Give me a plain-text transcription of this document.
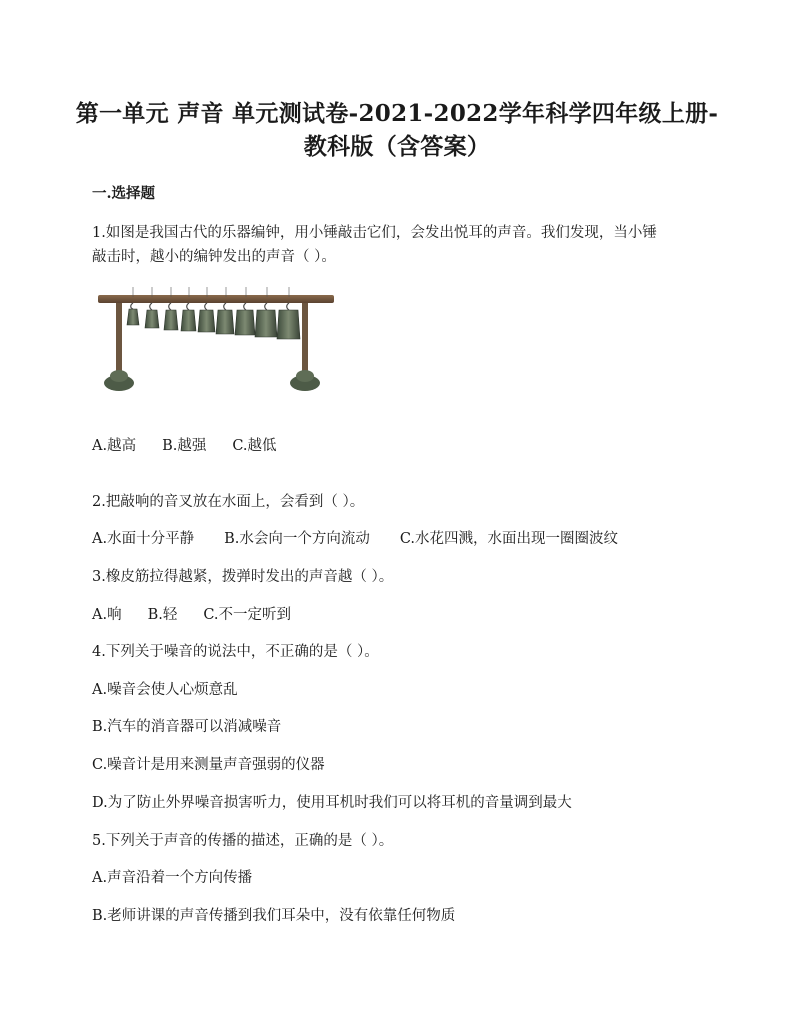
第一单元 声音 单元测试卷-2021-2022学年科学四年级上册-
教科版（含答案）
一.选择题
1.如图是我国古代的乐器编钟，用小锤敲击它们，会发出悦耳的声音。我们发现，当小锤
敲击时，越小的编钟发出的声音（ ）。
A.越高 B.越强 C.越低
2.把敲响的音叉放在水面上，会看到（ ）。
A.水面十分平静 B.水会向一个方向流动 C.水花四溅，水面出现一圈圈波纹
3.橡皮筋拉得越紧，拨弹时发出的声音越（ ）。
A.响 B.轻 C.不一定听到
4.下列关于噪音的说法中，不正确的是（ ）。
A.噪音会使人心烦意乱
B.汽车的消音器可以消减噪音
C.噪音计是用来测量声音强弱的仪器
D.为了防止外界噪音损害听力，使用耳机时我们可以将耳机的音量调到最大
5.下列关于声音的传播的描述，正确的是（ ）。
A.声音沿着一个方向传播
B.老师讲课的声音传播到我们耳朵中，没有依靠任何物质
